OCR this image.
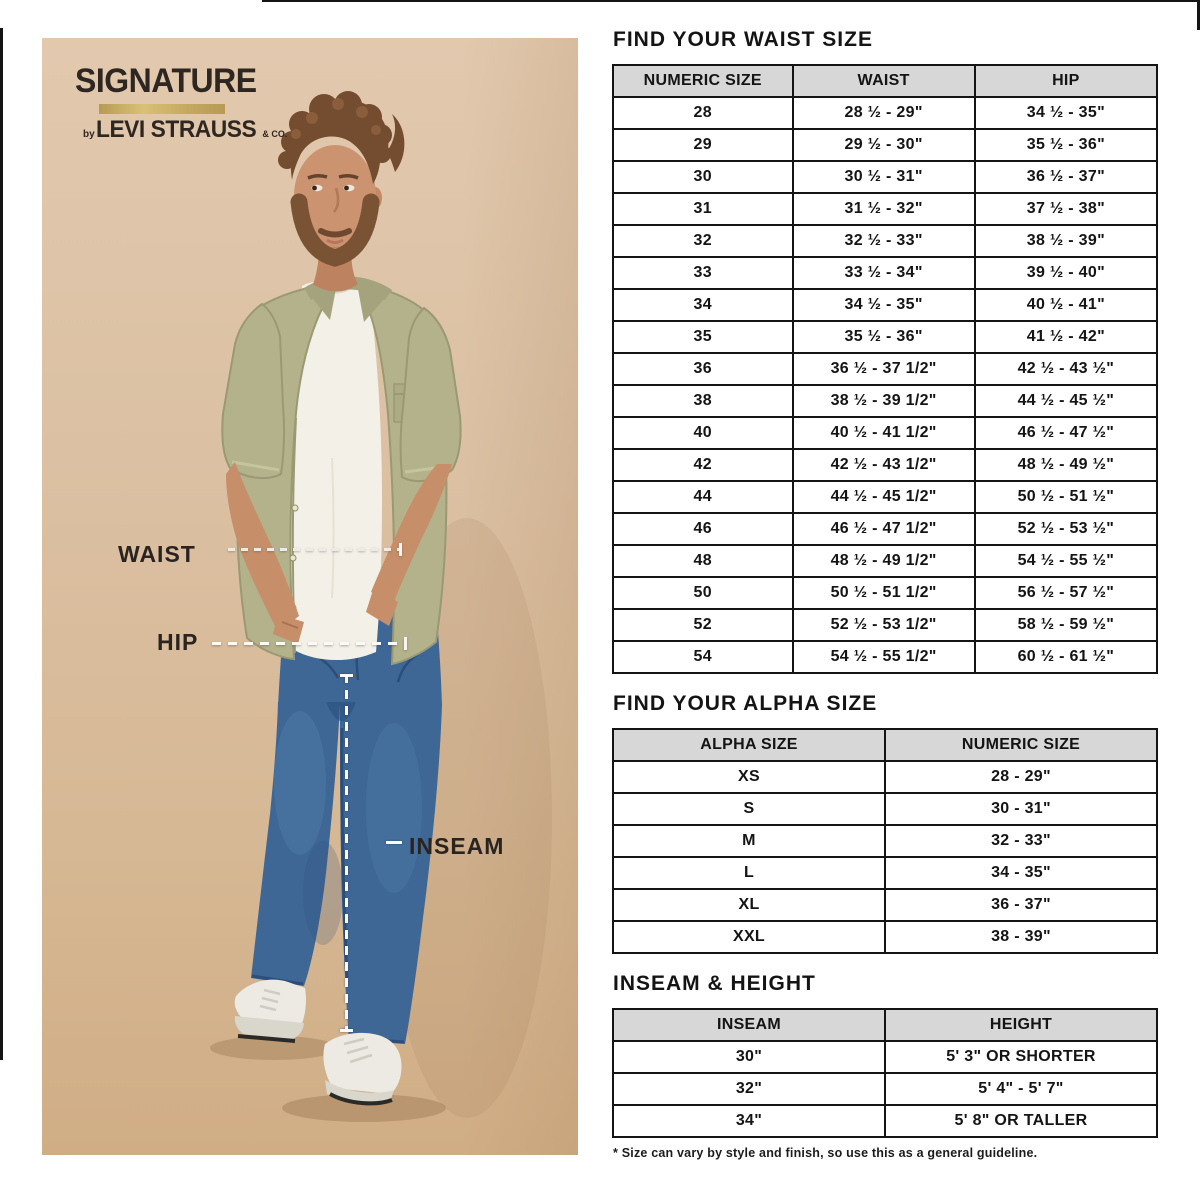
SIGNATURE
by LEVI STRAUSS & CO.
WAIST
HIP
INSEAM
FIND YOUR WAIST SIZE
NUMERIC SIZE	WAIST	HIP
28	28 ½ - 29"	34 ½ - 35"
29	29 ½ - 30"	35 ½ - 36"
30	30 ½ - 31"	36 ½ - 37"
31	31 ½ - 32"	37 ½ - 38"
32	32 ½ - 33"	38 ½ - 39"
33	33 ½ - 34"	39 ½ - 40"
34	34 ½ - 35"	40 ½ - 41"
35	35 ½ - 36"	41 ½ - 42"
36	36 ½ - 37 1/2"	42 ½ - 43 ½"
38	38 ½ - 39 1/2"	44 ½ - 45 ½"
40	40 ½ - 41 1/2"	46 ½ - 47 ½"
42	42 ½ - 43 1/2"	48 ½ - 49 ½"
44	44 ½ - 45 1/2"	50 ½ - 51 ½"
46	46 ½ - 47 1/2"	52 ½ - 53 ½"
48	48 ½ - 49 1/2"	54 ½ - 55 ½"
50	50 ½ - 51 1/2"	56 ½ - 57 ½"
52	52 ½ - 53 1/2"	58 ½ - 59 ½"
54	54 ½ - 55 1/2"	60 ½ - 61 ½"
FIND YOUR ALPHA SIZE
ALPHA SIZE	NUMERIC SIZE
XS	28 - 29"
S	30 - 31"
M	32 - 33"
L	34 - 35"
XL	36 - 37"
XXL	38 - 39"
INSEAM & HEIGHT
INSEAM	HEIGHT
30"	5' 3" OR SHORTER
32"	5' 4" - 5' 7"
34"	5' 8" OR TALLER
* Size can vary by style and finish, so use this as a general guideline.
